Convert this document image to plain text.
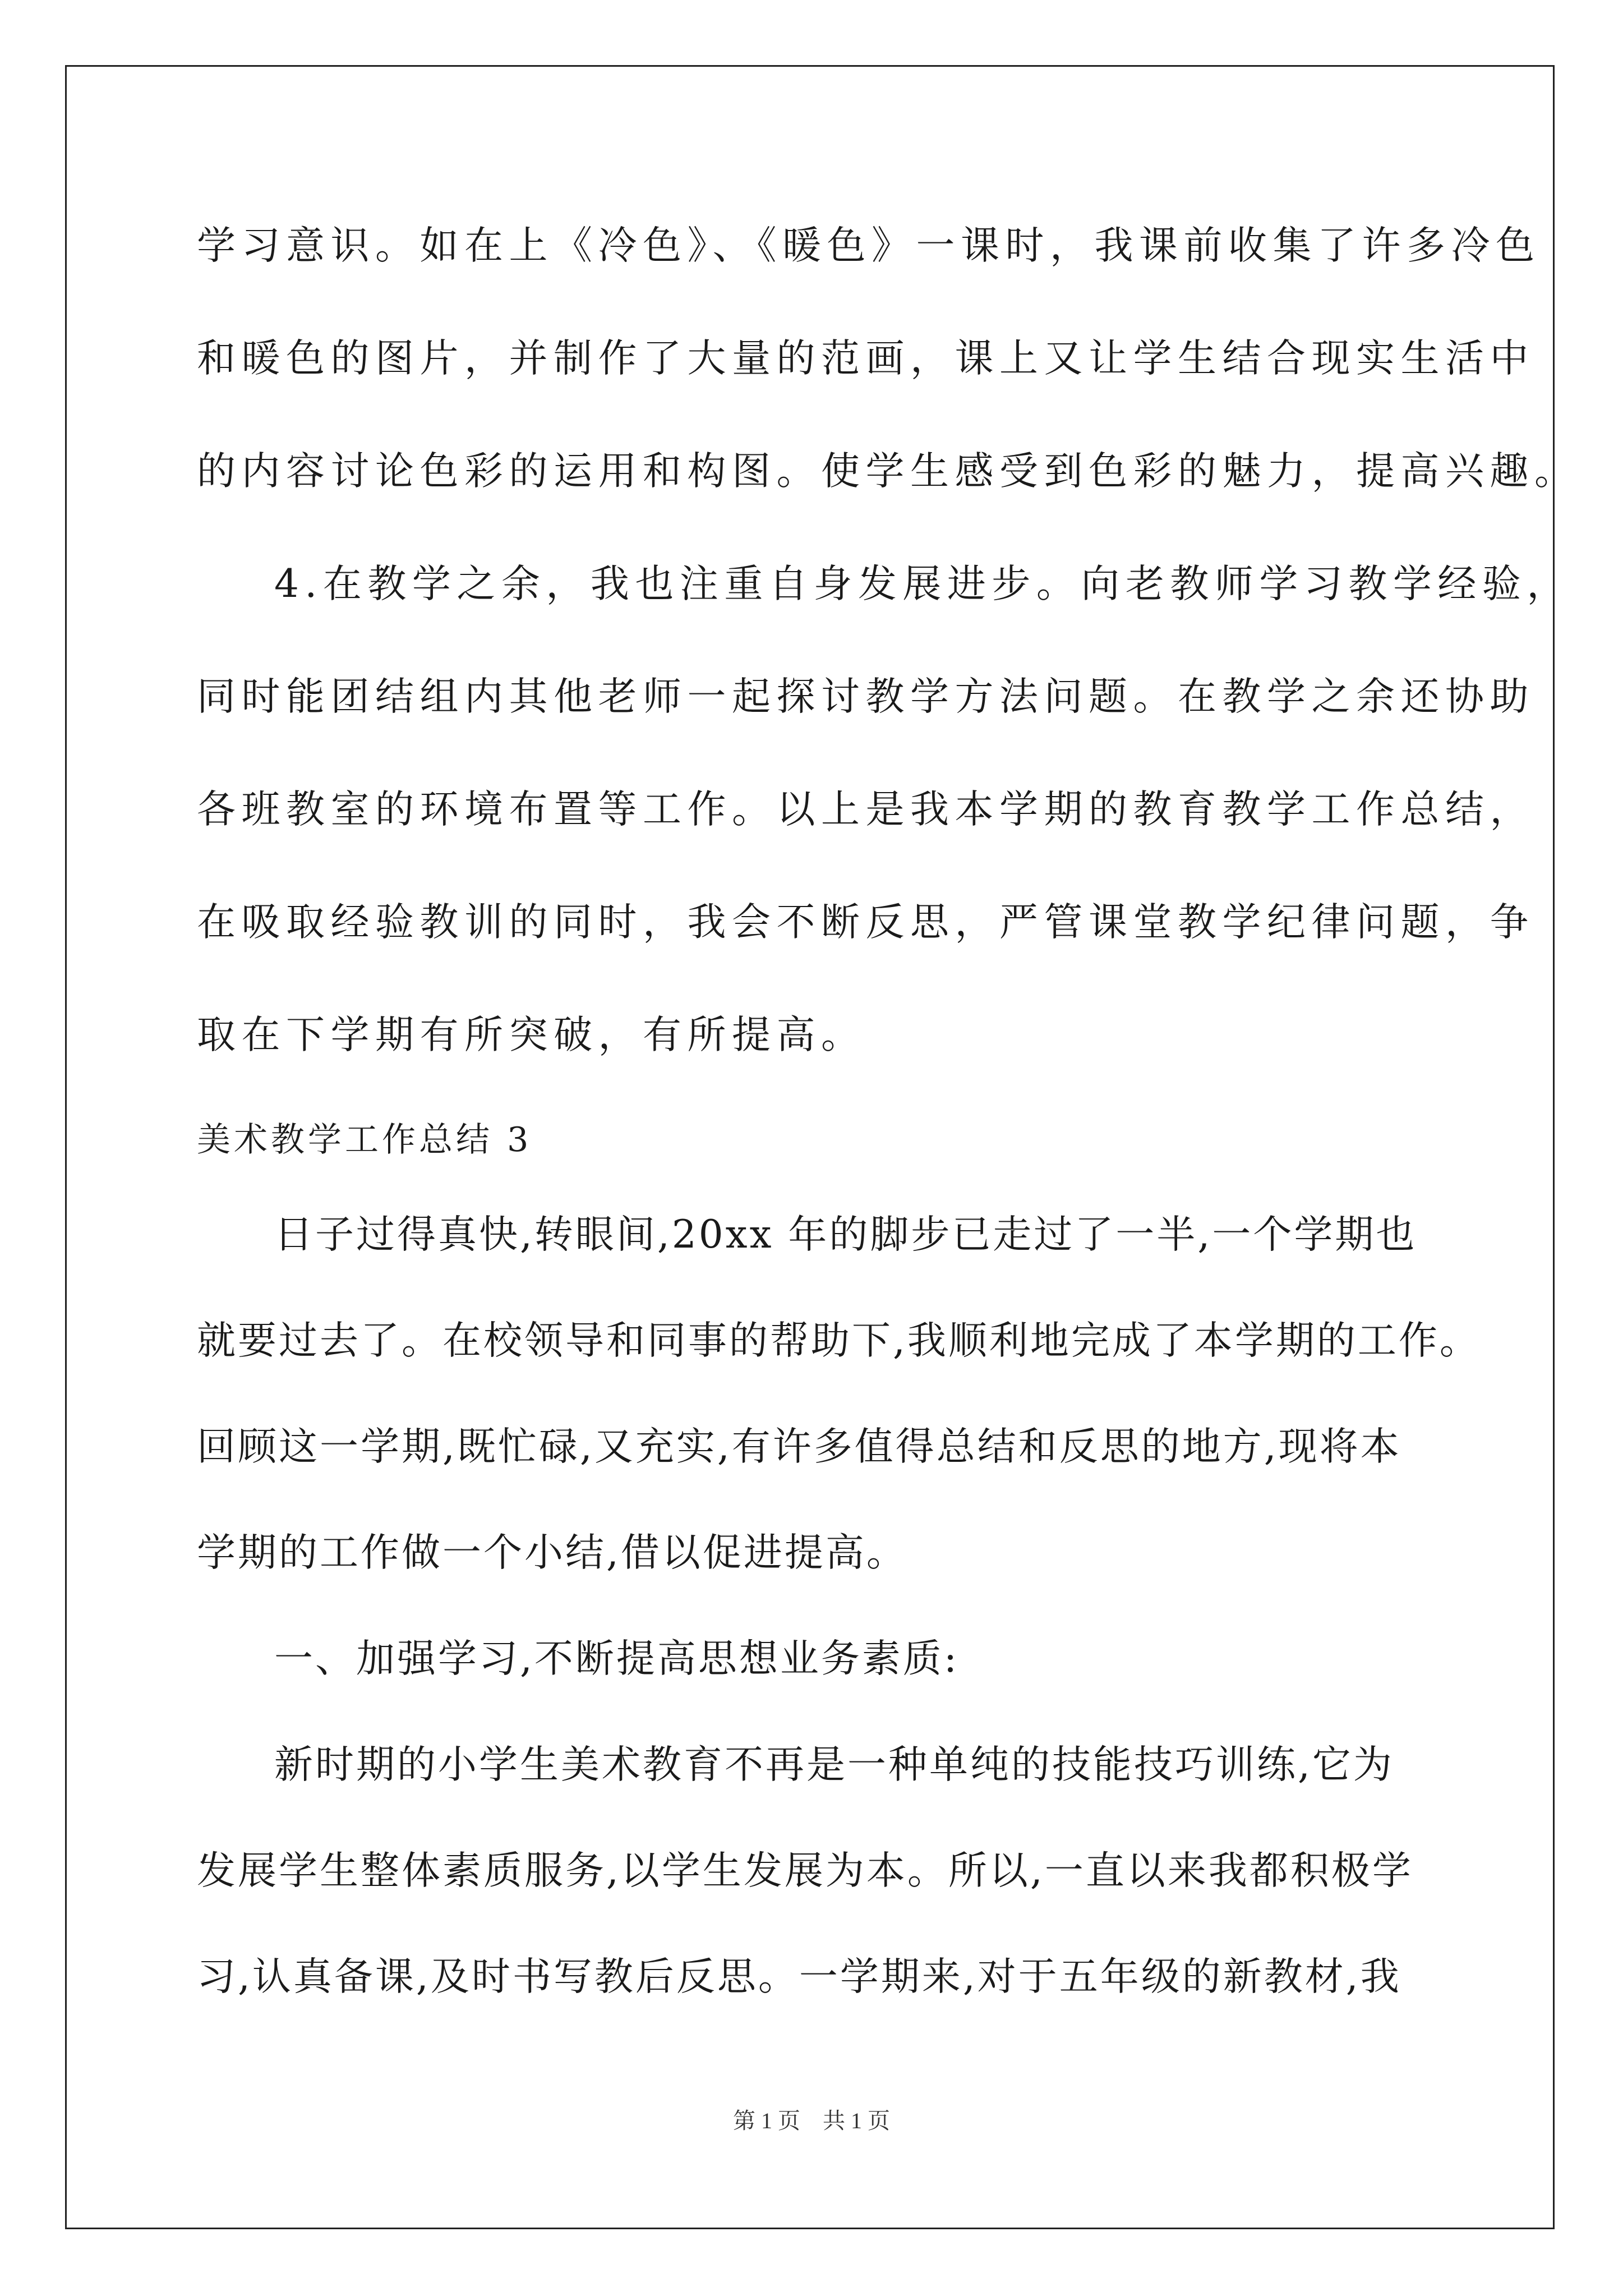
学习意识。如在上《冷色》、《暖色》一课时，我课前收集了许多冷色
和暖色的图片，并制作了大量的范画，课上又让学生结合现实生活中
的内容讨论色彩的运用和构图。使学生感受到色彩的魅力，提高兴趣。
4.在教学之余，我也注重自身发展进步。向老教师学习教学经验，
同时能团结组内其他老师一起探讨教学方法问题。在教学之余还协助
各班教室的环境布置等工作。以上是我本学期的教育教学工作总结，
在吸取经验教训的同时，我会不断反思，严管课堂教学纪律问题，争
取在下学期有所突破，有所提高。
美术教学工作总结 3
日子过得真快,转眼间,20xx 年的脚步已走过了一半,一个学期也
就要过去了。在校领导和同事的帮助下,我顺利地完成了本学期的工作。
回顾这一学期,既忙碌,又充实,有许多值得总结和反思的地方,现将本
学期的工作做一个小结,借以促进提高。
一、加强学习,不断提高思想业务素质:
新时期的小学生美术教育不再是一种单纯的技能技巧训练,它为
发展学生整体素质服务,以学生发展为本。所以,一直以来我都积极学
习,认真备课,及时书写教后反思。一学期来,对于五年级的新教材,我
第 1 页　共 1 页
